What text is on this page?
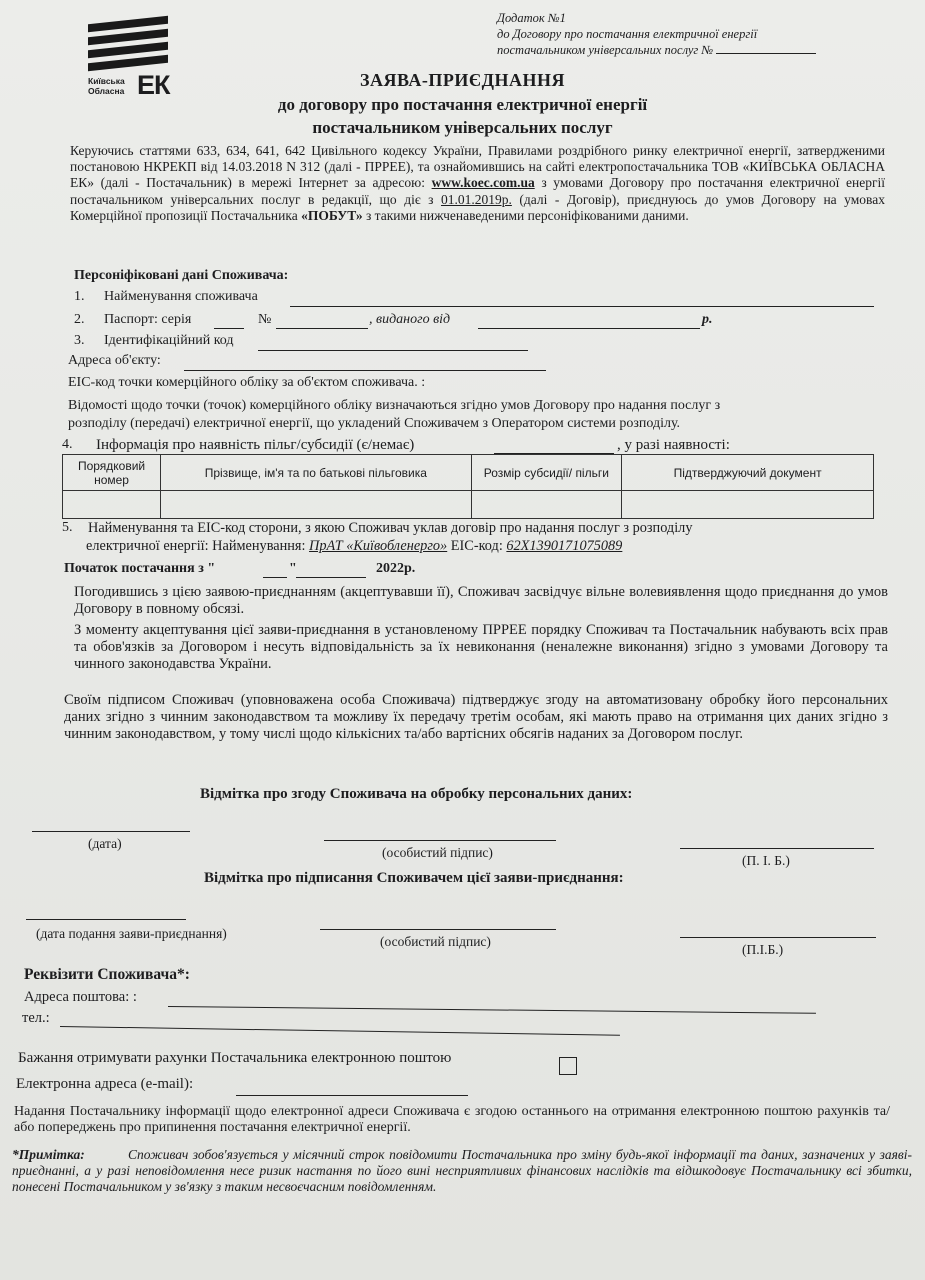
Додаток №1
до Договору про постачання електричної енергії
постачальником універсальних послуг №
Київська
Обласна ЕК	ЗАЯВА-ПРИЄДНАННЯ
до договору про постачання електричної енергії
постачальником універсальних послуг
Керуючись статтями 633, 634, 641, 642 Цивільного кодексу України, Правилами роздрібного ринку електричної енергії, затвердженими постановою НКРЕКП від 14.03.2018 N 312 (далі - ПРРЕЕ), та ознайомившись на сайті електропостачальника ТОВ «КИЇВСЬКА ОБЛАСНА ЕК» (далі - Постачальник) в мережі Інтернет за адресою: www.koec.com.ua з умовами Договору про постачання електричної енергії постачальником універсальних послуг в редакції, що діє з 01.01.2019р. (далі - Договір), приєднуюсь до умов Договору на умовах Комерційної пропозиції Постачальника «ПОБУТ» з такими нижченаведеними персоніфікованими даними.
Персоніфіковані дані Споживача:
1. Найменування споживача
2. Паспорт: серія	№	, виданого від	р.
3. Ідентифікаційний код
Адреса об'єкту:
ЕІС-код точки комерційного обліку за об'єктом споживача. :
Відомості щодо точки (точок) комерційного обліку визначаються згідно умов Договору про надання послуг з
розподілу (передачі) електричної енергії, що укладений Споживачем з Оператором системи розподілу.
4. Інформація про наявність пільг/субсидії (є/немає)	, у разі наявності:
Порядковий номер	Прізвище, ім'я та по батькові пільговика	Розмір субсидії/ пільги	Підтверджуючий документ

5. Найменування та ЕІС-код сторони, з якою Споживач уклав договір про надання послуг з розподілу
електричної енергії: Найменування: ПрАТ «Київобленерго» ЕІС-код: 62Х1390171075089
Початок постачання з "	"	2022р.
Погодившись з цією заявою-приєднанням (акцептувавши її), Споживач засвідчує вільне волевиявлення щодо приєднання до умов Договору в повному обсязі.
З моменту акцептування цієї заяви-приєднання в установленому ПРРЕЕ порядку Споживач та Постачальник набувають всіх прав та обов'язків за Договором і несуть відповідальність за їх невиконання (неналежне виконання) згідно з умовами Договору та чинного законодавства України.
Своїм підписом Споживач (уповноважена особа Споживача) підтверджує згоду на автоматизовану обробку його персональних даних згідно з чинним законодавством та можливу їх передачу третім особам, які мають право на отримання цих даних згідно з чинним законодавством, у тому числі щодо кількісних та/або вартісних обсягів наданих за Договором послуг.
Відмітка про згоду Споживача на обробку персональних даних:
(дата)
(особистий підпис)
(П. І. Б.)
Відмітка про підписання Споживачем цієї заяви-приєднання:
(дата подання заяви-приєднання)
(особистий підпис)
(П.І.Б.)
Реквізити Споживача*:
Адреса поштова: :
тел.:
Бажання отримувати рахунки Постачальника електронною поштою
Електронна адреса (e-mail):
Надання Постачальнику інформації щодо електронної адреси Споживача є згодою останнього на отримання електронною поштою рахунків та/або попереджень про припинення постачання електричної енергії.
*Примітка:	Споживач зобов'язується у місячний строк повідомити Постачальника про зміну будь-якої інформації та даних, зазначених у заяві-приєднанні, а у разі неповідомлення несе ризик настання по його вині несприятливих фінансових наслідків та відшкодовує Постачальнику всі збитки, понесені Постачальником у зв'язку з таким несвоєчасним повідомленням.
